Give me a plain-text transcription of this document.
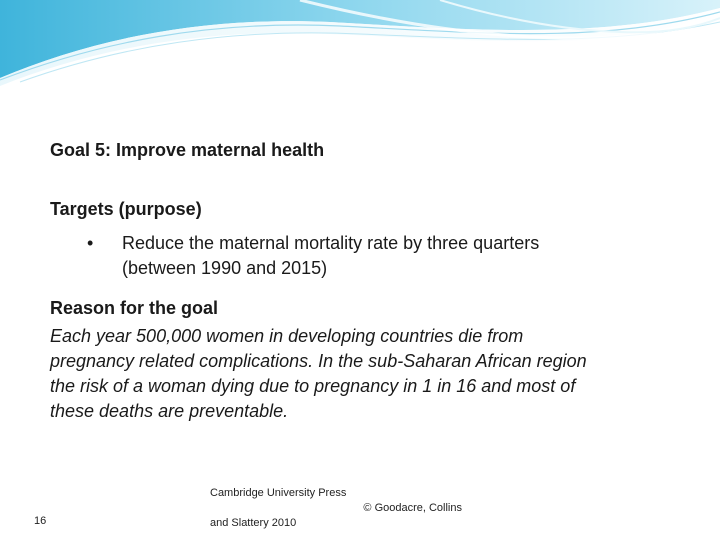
Goal 5: Improve maternal health
Targets (purpose)
• Reduce the maternal mortality rate by three quarters
(between 1990 and 2015)
Reason for the goal
Each year 500,000 women in developing countries die from
pregnancy related complications. In the sub-Saharan African region
the risk of a woman dying due to pregnancy in 1 in 16 and most of
these deaths are preventable.
Cambridge University Press
© Goodacre, Collins
and Slattery 2010
16
